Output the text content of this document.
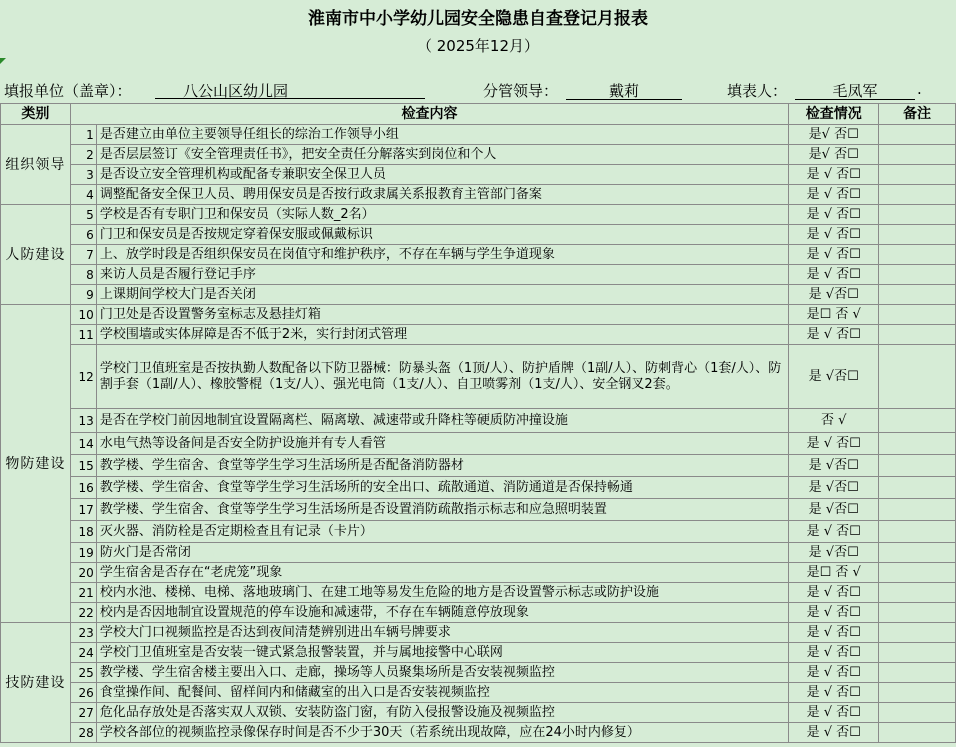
淮南市中小学幼儿园安全隐患自查登记月报表
（ 2025年12月）
填报单位（盖章）：	八公山区幼儿园	分管领导：	戴莉	填表人：	毛凤军	.
类别	检查内容		检查情况	备注
组织领导	1	是否建立由单位主要领导任组长的综治工作领导小组	是√ 否☐	
	2	是否层层签订《安全管理责任书》，把安全责任分解落实到岗位和个人	是√ 否☐	
	3	是否设立安全管理机构或配备专兼职安全保卫人员	是 √ 否☐	
	4	调整配备安全保卫人员、聘用保安员是否按行政隶属关系报教育主管部门备案	是 √ 否☐	
人防建设	5	学校是否有专职门卫和保安员（实际人数_2名）	是 √ 否☐	
	6	门卫和保安员是否按规定穿着保安服或佩戴标识	是 √ 否☐	
	7	上、放学时段是否组织保安员在岗值守和维护秩序，不存在车辆与学生争道现象	是 √ 否☐	
	8	来访人员是否履行登记手序	是 √ 否☐	
	9	上课期间学校大门是否关闭	是 √否☐	
物防建设	10	门卫处是否设置警务室标志及悬挂灯箱	是☐ 否 √	
	11	学校围墙或实体屏障是否不低于2米，实行封闭式管理	是 √ 否☐	
	12	学校门卫值班室是否按执勤人数配备以下防卫器械：防暴头盔（1顶/人）、防护盾牌（1副/人）、防刺背心（1套/人）、防割手套（1副/人）、橡胶警棍（1支/人）、强光电筒（1支/人）、自卫喷雾剂（1支/人）、安全钢叉2套。	是 √否☐	
	13	是否在学校门前因地制宜设置隔离栏、隔离墩、减速带或升降柱等硬质防冲撞设施	否 √	
	14	水电气热等设备间是否安全防护设施并有专人看管	是 √ 否☐	
	15	教学楼、学生宿舍、食堂等学生学习生活场所是否配备消防器材	是 √否☐	
	16	教学楼、学生宿舍、食堂等学生学习生活场所的安全出口、疏散通道、消防通道是否保持畅通	是 √否☐	
	17	教学楼、学生宿舍、食堂等学生学习生活场所是否设置消防疏散指示标志和应急照明装置	是 √否☐	
	18	灭火器、消防栓是否定期检查且有记录（卡片）	是 √ 否☐	
	19	防火门是否常闭	是 √否☐	
	20	学生宿舍是否存在“老虎笼”现象	是☐ 否 √	
	21	校内水池、楼梯、电梯、落地玻璃门、在建工地等易发生危险的地方是否设置警示标志或防护设施	是 √ 否☐	
	22	校内是否因地制宜设置规范的停车设施和减速带，不存在车辆随意停放现象	是 √ 否☐	
技防建设	23	学校大门口视频监控是否达到夜间清楚辨别进出车辆号牌要求	是 √ 否☐	
	24	学校门卫值班室是否安装一键式紧急报警装置，并与属地接警中心联网	是 √ 否☐	
	25	教学楼、学生宿舍楼主要出入口、走廊，操场等人员聚集场所是否安装视频监控	是 √ 否☐	
	26	食堂操作间、配餐间、留样间内和储藏室的出入口是否安装视频监控	是 √ 否☐	
	27	危化品存放处是否落实双人双锁、安装防盗门窗，有防入侵报警设施及视频监控	是 √ 否☐	
	28	学校各部位的视频监控录像保存时间是否不少于30天（若系统出现故障，应在24小时内修复）	是 √ 否☐	
